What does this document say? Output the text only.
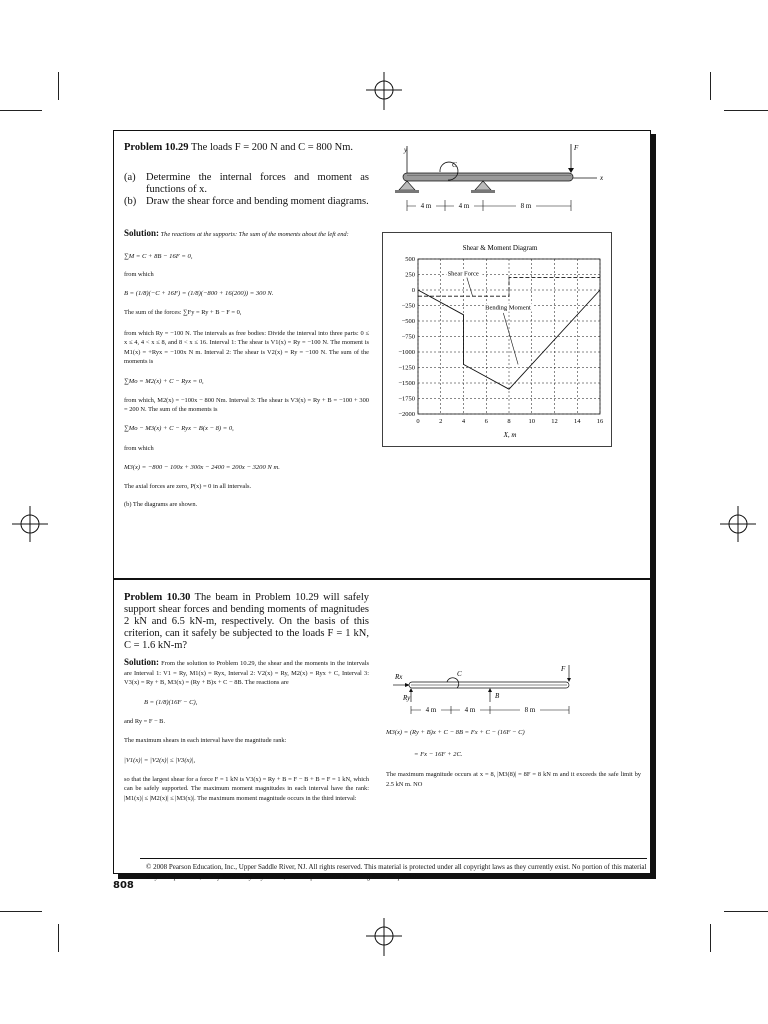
Problem 10.29 The loads F = 200 N and C = 800 Nm.
(a) Determine the internal forces and moment as functions of x.
(b) Draw the shear force and bending moment diagrams.
y
x
C
F
4 m	4 m	8 m
Solution: The reactions at the supports: The sum of the moments about the left end:
∑M = C + 8B − 16F = 0,
from which
B = (1/8)(−C + 16F) = (1/8)(−800 + 16(200)) = 300 N.
The sum of the forces: ∑Fy = Ry + B − F = 0,
from which Ry = −100 N. The intervals as free bodies: Divide the interval into three parts: 0 ≤ x ≤ 4, 4 < x ≤ 8, and 8 < x ≤ 16. Interval 1: The shear is V1(x) = Ry = −100 N. The moment is M1(x) = +Ryx = −100x N m. Interval 2: The shear is V2(x) = Ry = −100 N. The sum of the moments is
∑Mo = M2(x) + C − Ryx = 0,
from which, M2(x) = −100x − 800 Nm. Interval 3: The shear is V3(x) = Ry + B = −100 + 300 = 200 N. The sum of the moments is
∑Mo − M3(x) + C − Ryx − B(x − 8) = 0,
from which
M3(x) = −800 − 100x + 300x − 2400 = 200x − 3200 N m.
The axial forces are zero, P(x) = 0 in all intervals.
(b) The diagrams are shown.
Shear & Moment Diagram
X, m
0	2	4	6	8	10	12	14	16
500
250
0
−250
−500
−750
−1000
−1250
−1500
−1750
−2000
Shear Force
Bending Moment
Problem 10.30 The beam in Problem 10.29 will safely support shear forces and bending moments of magnitudes 2 kN and 6.5 kN-m, respectively. On the basis of this criterion, can it safely be subjected to the loads F = 1 kN, C = 1.6 kN-m?
Solution: From the solution to Problem 10.29, the shear and the moments in the intervals are Interval 1: V1 = Ry, M1(x) = Ryx, Interval 2: V2(x) = Ry, M2(x) = Ryx + C, Interval 3: V3(x) = Ry + B, M3(x) = (Ry + B)x + C − 8B. The reactions are
B = (1/8)(16F − C),
and Ry = F − B.
The maximum shears in each interval have the magnitude rank:
|V1(x)| = |V2(x)| ≤ |V3(x)|,
so that the largest shear for a force F = 1 kN is V3(x) = Ry + B = F − B + B = F = 1 kN, which can be safely supported. The maximum moment magnitudes in each interval have the rank: |M1(x)| ≤ |M2(x)| ≤ |M3(x)|. The maximum moment magnitude occurs in the third interval:
Rx
Ry
C
B
F
4 m	4 m	8 m
M3(x) = (Ry + B)x + C − 8B = Fx + C − (16F − C)
= Fx − 16F + 2C.
The maximum magnitude occurs at x = 8, |M3(8)| = 8F = 8 kN m and it exceeds the safe limit by 2.5 kN m. NO
© 2008 Pearson Education, Inc., Upper Saddle River, NJ. All rights reserved. This material is protected under all copyright laws as they currently exist. No portion of this material may be reproduced, in any form or by any means, without permission in writing from the publisher.
808
